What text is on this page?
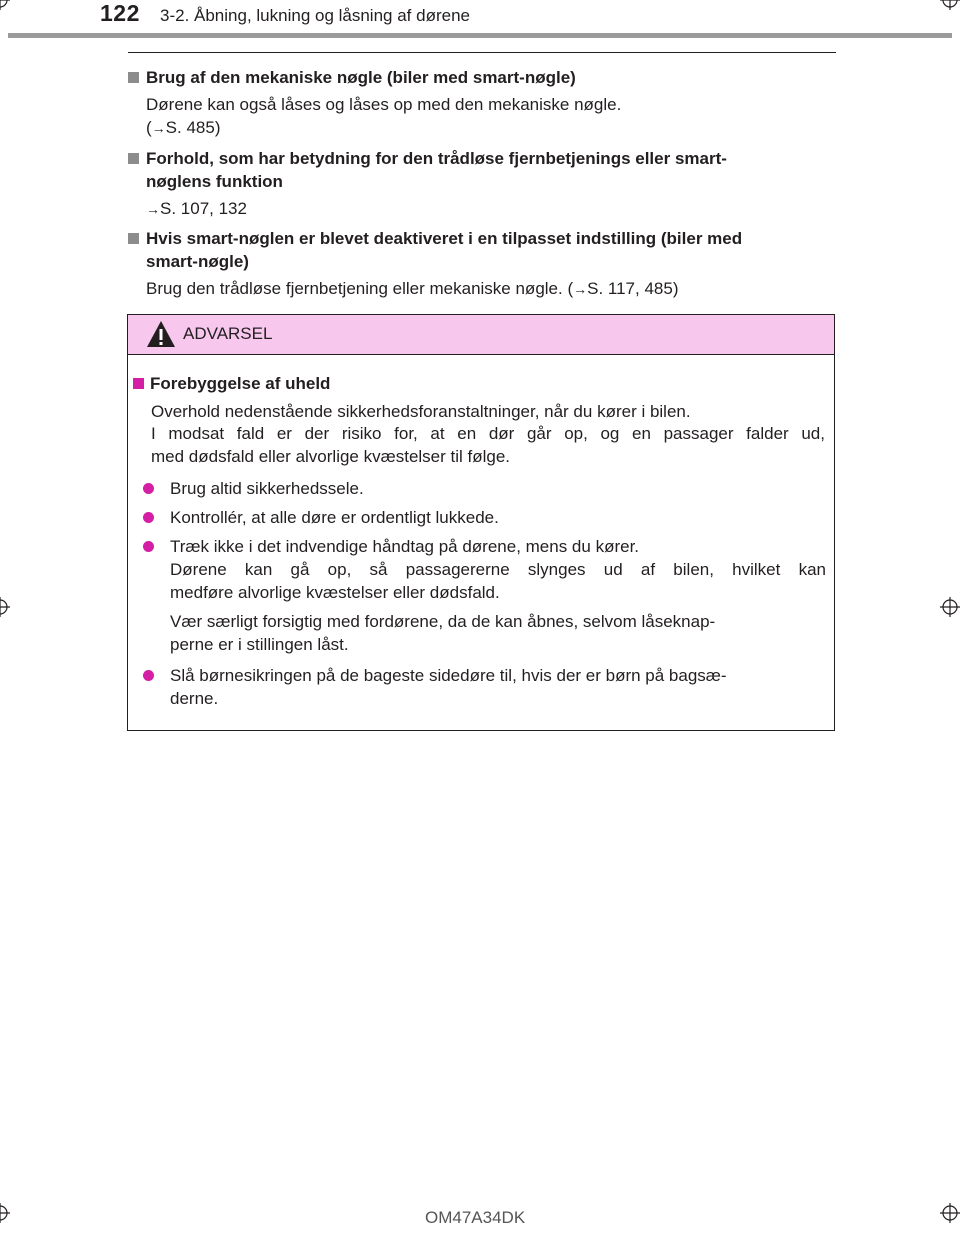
122 3-2. Åbning, lukning og låsning af dørene
Brug af den mekaniske nøgle (biler med smart-nøgle)
Dørene kan også låses og låses op med den mekaniske nøgle.
(→S. 485)
Forhold, som har betydning for den trådløse fjernbetjenings eller smart-
nøglens funktion
→S. 107, 132
Hvis smart-nøglen er blevet deaktiveret i en tilpasset indstilling (biler med
smart-nøgle)
Brug den trådløse fjernbetjening eller mekaniske nøgle. (→S. 117, 485)
ADVARSEL
Forebyggelse af uheld
Overhold nedenstående sikkerhedsforanstaltninger, når du kører i bilen.
I modsat fald er der risiko for, at en dør går op, og en passager falder ud,
med dødsfald eller alvorlige kvæstelser til følge.
Brug altid sikkerhedssele.
Kontrollér, at alle døre er ordentligt lukkede.
Træk ikke i det indvendige håndtag på dørene, mens du kører.
Dørene kan gå op, så passagererne slynges ud af bilen, hvilket kan
medføre alvorlige kvæstelser eller dødsfald.
Vær særligt forsigtig med fordørene, da de kan åbnes, selvom låseknap-
perne er i stillingen låst.
Slå børnesikringen på de bageste sidedøre til, hvis der er børn på bagsæ-
derne.
OM47A34DK
